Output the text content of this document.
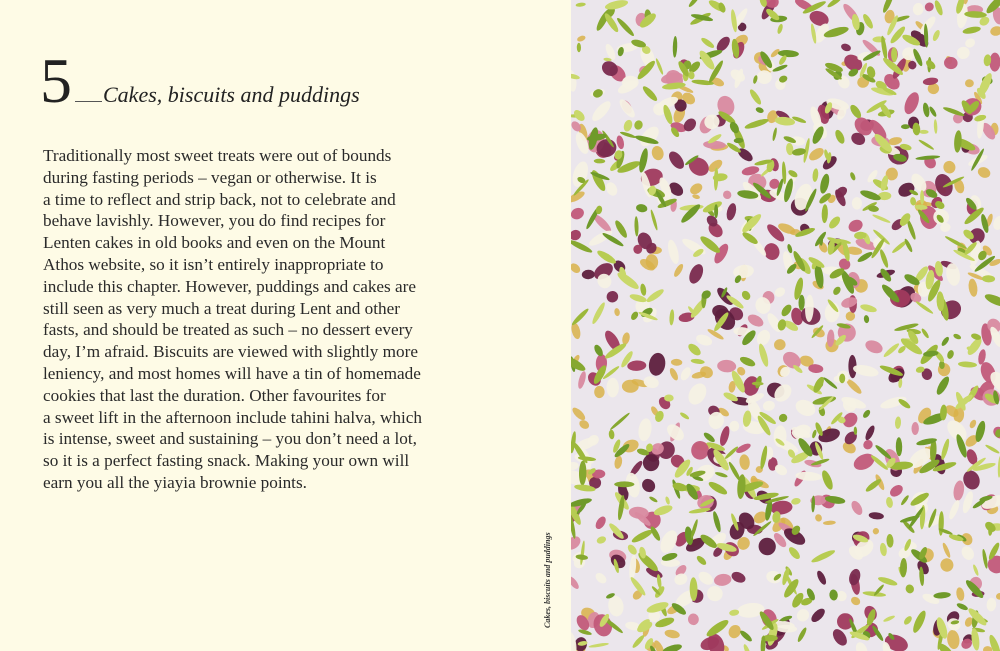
5 Cakes, biscuits and puddings

Traditionally most sweet treats were out of bounds
during fasting periods – vegan or otherwise. It is
a time to reflect and strip back, not to celebrate and
behave lavishly. However, you do find recipes for
Lenten cakes in old books and even on the Mount
Athos website, so it isn’t entirely inappropriate to
include this chapter. However, puddings and cakes are
still seen as very much a treat during Lent and other
fasts, and should be treated as such – no dessert every
day, I’m afraid. Biscuits are viewed with slightly more
leniency, and most homes will have a tin of homemade
cookies that last the duration. Other favourites for
a sweet lift in the afternoon include tahini halva, which
is intense, sweet and sustaining – you don’t need a lot,
so it is a perfect fasting snack. Making your own will
earn you all the yiayia brownie points.

Cakes, biscuits and puddings
